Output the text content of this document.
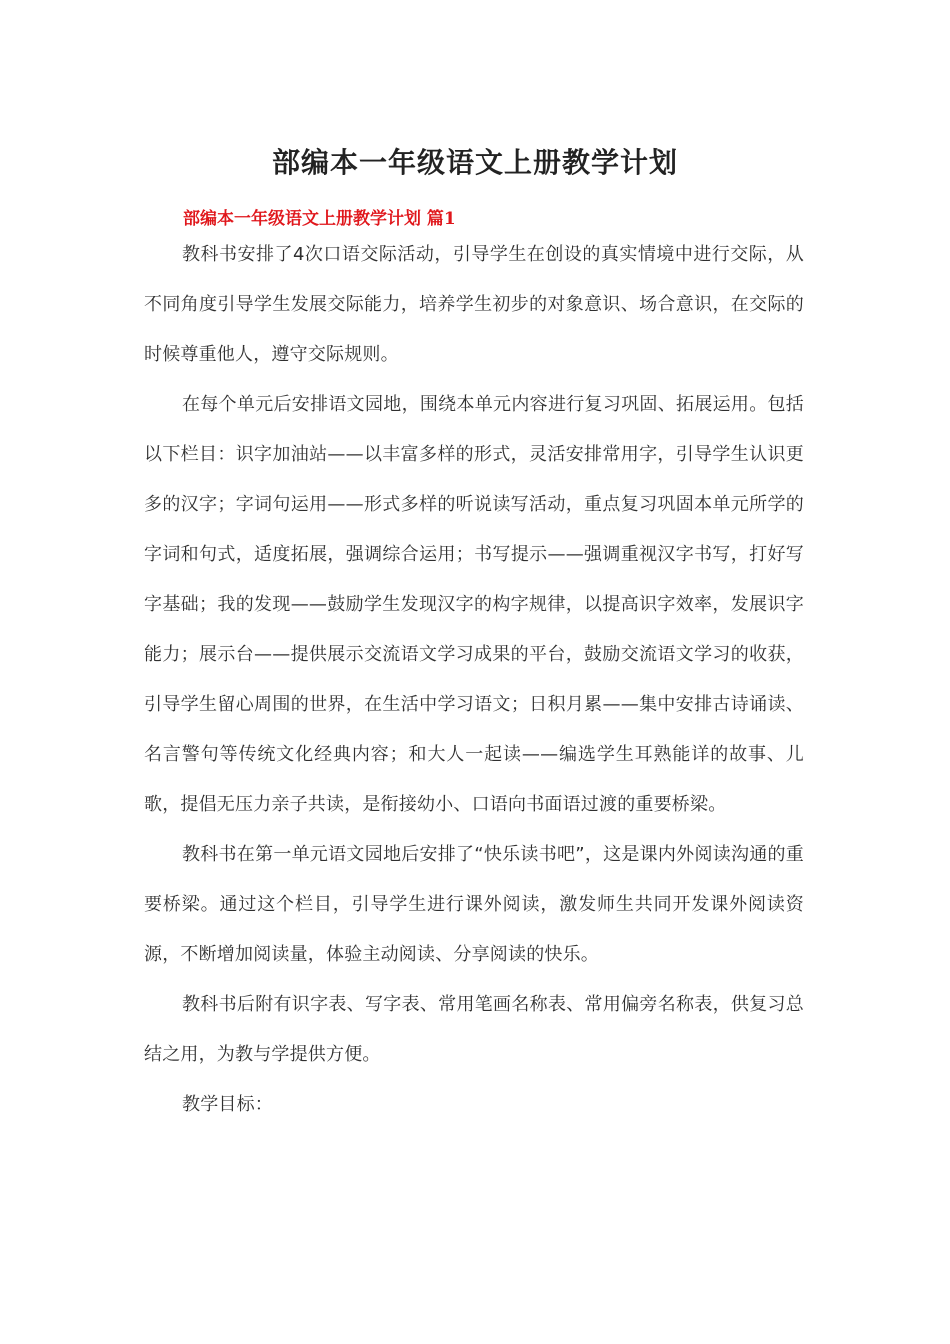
部编本一年级语文上册教学计划
部编本一年级语文上册教学计划 篇1

教科书安排了4次口语交际活动，引导学生在创设的真实情境中进行交际，从不同角度引导学生发展交际能力，培养学生初步的对象意识、场合意识，在交际的时候尊重他人，遵守交际规则。

在每个单元后安排语文园地，围绕本单元内容进行复习巩固、拓展运用。包括以下栏目：识字加油站——以丰富多样的形式，灵活安排常用字，引导学生认识更多的汉字；字词句运用——形式多样的听说读写活动，重点复习巩固本单元所学的字词和句式，适度拓展，强调综合运用；书写提示——强调重视汉字书写，打好写字基础；我的发现——鼓励学生发现汉字的构字规律，以提高识字效率，发展识字能力；展示台——提供展示交流语文学习成果的平台，鼓励交流语文学习的收获，引导学生留心周围的世界，在生活中学习语文；日积月累——集中安排古诗诵读、名言警句等传统文化经典内容；和大人一起读——编选学生耳熟能详的故事、儿歌，提倡无压力亲子共读，是衔接幼小、口语向书面语过渡的重要桥梁。

教科书在第一单元语文园地后安排了“快乐读书吧”，这是课内外阅读沟通的重要桥梁。通过这个栏目，引导学生进行课外阅读，激发师生共同开发课外阅读资源，不断增加阅读量，体验主动阅读、分享阅读的快乐。

教科书后附有识字表、写字表、常用笔画名称表、常用偏旁名称表，供复习总结之用，为教与学提供方便。

教学目标：
